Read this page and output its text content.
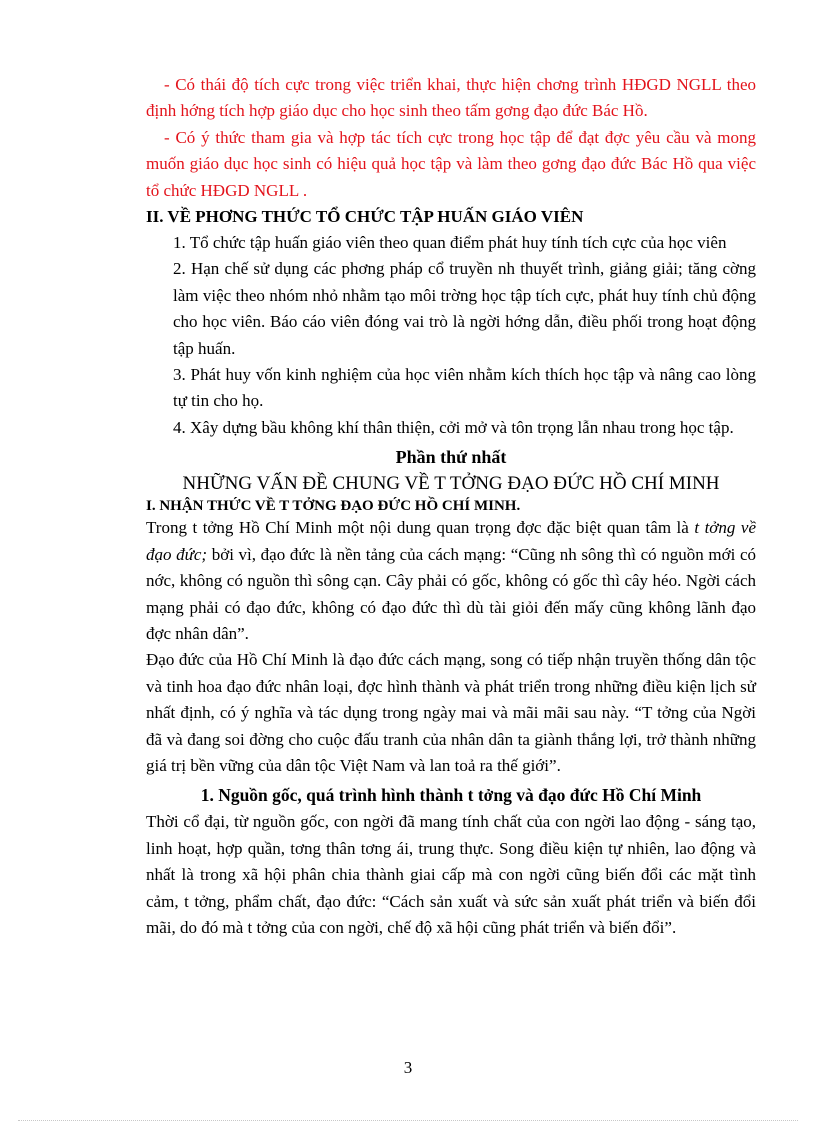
- Có thái độ tích cực trong việc triển khai, thực hiện chơng trình HĐGD NGLL theo định hớng tích hợp giáo dục cho học sinh theo tấm gơng đạo đức Bác Hồ.

- Có ý thức tham gia và hợp tác tích cực trong học tập để đạt đợc yêu cầu và mong muốn giáo dục học sinh có hiệu quả học tập và làm theo gơng đạo đức Bác Hồ qua việc tổ chức HĐGD NGLL .

II. VỀ PHƠNG THỨC TỔ CHỨC TẬP HUẤN GIÁO VIÊN

1. Tổ chức tập huấn giáo viên theo quan điểm phát huy tính tích cực của học viên

2. Hạn chế sử dụng các phơng pháp cổ truyền nh thuyết trình, giảng giải; tăng cờng làm việc theo nhóm nhỏ nhằm tạo môi trờng học tập tích cực, phát huy tính chủ động cho học viên. Báo cáo viên đóng vai trò là ngời hớng dẫn, điều phối trong hoạt động tập huấn.

3. Phát huy vốn kinh nghiệm của học viên nhằm kích thích học tập và nâng cao lòng tự tin cho họ.

4. Xây dựng bầu không khí thân thiện, cởi mở và tôn trọng lẫn nhau trong học tập.

Phần thứ nhất

NHỮNG VẤN ĐỀ CHUNG VỀ T TỞNG ĐẠO ĐỨC HỒ CHÍ MINH

I. NHẬN THỨC VỀ T TỞNG ĐẠO ĐỨC HỒ CHÍ MINH.

Trong t tởng Hồ Chí Minh một nội dung quan trọng đợc đặc biệt quan tâm là t tởng về đạo đức; bởi vì, đạo đức là nền tảng của cách mạng: “Cũng nh sông thì có nguồn mới có nớc, không có nguồn thì sông cạn. Cây phải có gốc, không có gốc thì cây héo. Ngời cách mạng phải có đạo đức, không có đạo đức thì dù tài giỏi đến mấy cũng không lãnh đạo đợc nhân dân”.

Đạo đức của Hồ Chí Minh là đạo đức cách mạng, song có tiếp nhận truyền thống dân tộc và tinh hoa đạo đức nhân loại, đợc hình thành và phát triển trong những điều kiện lịch sử nhất định, có ý nghĩa và tác dụng trong ngày mai và mãi mãi sau này. “T tởng của Ngời đã và đang soi đờng cho cuộc đấu tranh của nhân dân ta giành thắng lợi, trở thành những giá trị bền vững của dân tộc Việt Nam và lan toả ra thế giới”.

1. Nguồn gốc, quá trình hình thành t tởng và đạo đức Hồ Chí Minh

Thời cổ đại, từ nguồn gốc, con ngời đã mang tính chất của con ngời lao động - sáng tạo, linh hoạt, hợp quần, tơng thân tơng ái, trung thực. Song điều kiện tự nhiên, lao động và nhất là trong xã hội phân chia thành giai cấp mà con ngời cũng biến đổi các mặt tình cảm, t tởng, phẩm chất, đạo đức: “Cách sản xuất và sức sản xuất phát triển và biến đổi mãi, do đó mà t tởng của con ngời, chế độ xã hội cũng phát triển và biến đổi”.

3
